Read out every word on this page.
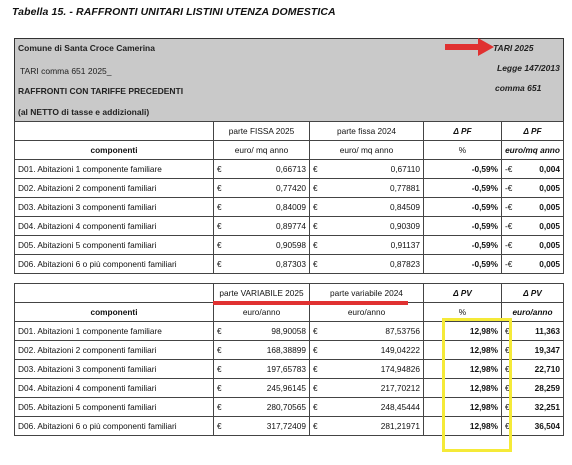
Tabella 15. - RAFFRONTI UNITARI LISTINI UTENZA DOMESTICA
Comune di Santa Croce Camerina
TARI comma 651 2025_
RAFFRONTI CON TARIFFE PRECEDENTI
(al NETTO di tasse e addizionali)
TARI 2025
Legge 147/2013
comma 651
	parte FISSA 2025	parte fissa 2024	Δ PF	Δ PF
componenti	euro/ mq anno	euro/ mq anno	%	euro/mq anno
D01. Abitazioni 1 componente familiare	€ 0,66713	€ 0,67110	-0,59%	-€ 0,004

D02. Abitazioni 2 componenti familiari	€ 0,77420	€ 0,77881	-0,59%	-€ 0,005

D03. Abitazioni 3 componenti familiari	€ 0,84009	€ 0,84509	-0,59%	-€ 0,005

D04. Abitazioni 4 componenti familiari	€ 0,89774	€ 0,90309	-0,59%	-€ 0,005

D05. Abitazioni 5 componenti familiari	€ 0,90598	€ 0,91137	-0,59%	-€ 0,005

D06. Abitazioni 6 o più componenti familiari	€ 0,87303	€ 0,87823	-0,59%	-€ 0,005
	parte VARIABILE 2025	parte variabile 2024	Δ PV	Δ PV
componenti	euro/anno	euro/anno	%	euro/anno
D01. Abitazioni 1 componente familiare	€ 98,90058	€ 87,53756	12,98%	€ 11,363

D02. Abitazioni 2 componenti familiari	€ 168,38899	€ 149,04222	12,98%	€ 19,347

D03. Abitazioni 3 componenti familiari	€ 197,65783	€ 174,94826	12,98%	€ 22,710

D04. Abitazioni 4 componenti familiari	€ 245,96145	€ 217,70212	12,98%	€ 28,259

D05. Abitazioni 5 componenti familiari	€ 280,70565	€ 248,45444	12,98%	€ 32,251

D06. Abitazioni 6 o più componenti familiari	€ 317,72409	€ 281,21971	12,98%	€ 36,504
